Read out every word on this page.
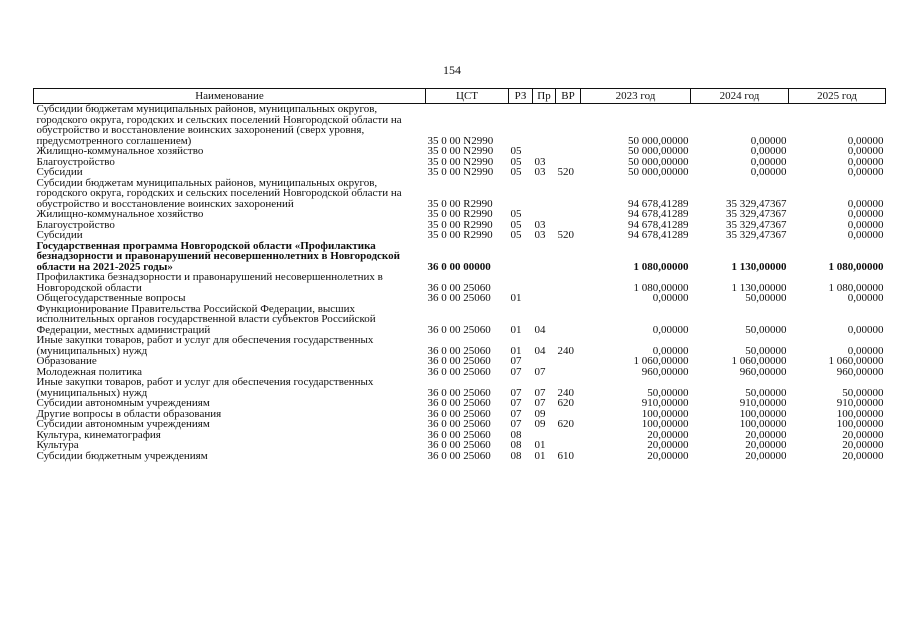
154
Наименование	ЦСТ	РЗ	Пр	ВР	2023 год	2024 год	2025 год
Субсидии бюджетам муниципальных районов, муниципальных округов, городского округа, городских и сельских поселений Новгородской области на обустройство и восстановление воинских захоронений (сверх уровня, предусмотренного соглашением)	35 0 00 N2990				50 000,00000	0,00000	0,00000
Жилищно-коммунальное хозяйство	35 0 00 N2990	05			50 000,00000	0,00000	0,00000
Благоустройство	35 0 00 N2990	05	03		50 000,00000	0,00000	0,00000
Субсидии	35 0 00 N2990	05	03	520	50 000,00000	0,00000	0,00000
Субсидии бюджетам муниципальных районов, муниципальных округов, городского округа, городских и сельских поселений Новгородской области на обустройство и восстановление воинских захоронений	35 0 00 R2990				94 678,41289	35 329,47367	0,00000
Жилищно-коммунальное хозяйство	35 0 00 R2990	05			94 678,41289	35 329,47367	0,00000
Благоустройство	35 0 00 R2990	05	03		94 678,41289	35 329,47367	0,00000
Субсидии	35 0 00 R2990	05	03	520	94 678,41289	35 329,47367	0,00000
Государственная программа Новгородской области «Профилактика безнадзорности и правонарушений несовершеннолетних в Новгородской области на 2021-2025 годы»	36 0 00 00000				1 080,00000	1 130,00000	1 080,00000
Профилактика безнадзорности и правонарушений несовершеннолетних в Новгородской области	36 0 00 25060				1 080,00000	1 130,00000	1 080,00000
Общегосударственные вопросы	36 0 00 25060	01			0,00000	50,00000	0,00000
Функционирование Правительства Российской Федерации, высших исполнительных органов государственной власти субъектов Российской Федерации, местных администраций	36 0 00 25060	01	04		0,00000	50,00000	0,00000
Иные закупки товаров, работ и услуг для обеспечения государственных (муниципальных) нужд	36 0 00 25060	01	04	240	0,00000	50,00000	0,00000
Образование	36 0 00 25060	07			1 060,00000	1 060,00000	1 060,00000
Молодежная политика	36 0 00 25060	07	07		960,00000	960,00000	960,00000
Иные закупки товаров, работ и услуг для обеспечения государственных (муниципальных) нужд	36 0 00 25060	07	07	240	50,00000	50,00000	50,00000
Субсидии автономным учреждениям	36 0 00 25060	07	07	620	910,00000	910,00000	910,00000
Другие вопросы в области образования	36 0 00 25060	07	09		100,00000	100,00000	100,00000
Субсидии автономным учреждениям	36 0 00 25060	07	09	620	100,00000	100,00000	100,00000
Культура, кинематография	36 0 00 25060	08			20,00000	20,00000	20,00000
Культура	36 0 00 25060	08	01		20,00000	20,00000	20,00000
Субсидии бюджетным учреждениям	36 0 00 25060	08	01	610	20,00000	20,00000	20,00000
